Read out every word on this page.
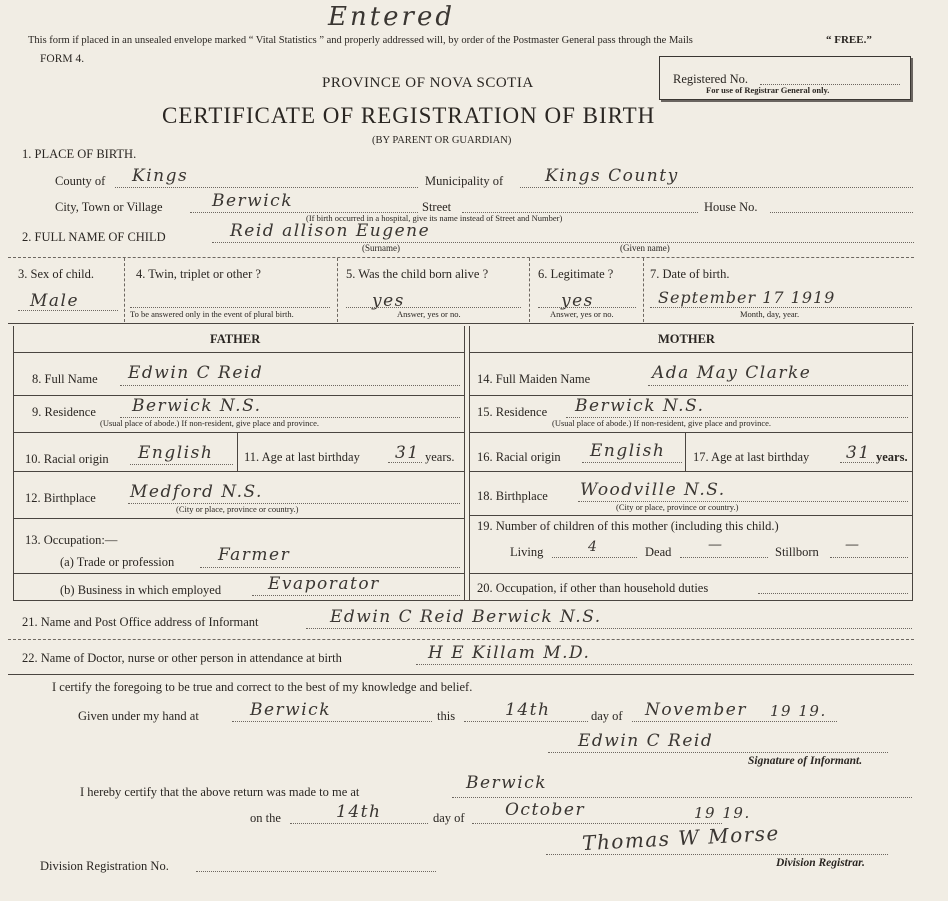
Entered
This form if placed in an unsealed envelope marked “ Vital Statistics ” and properly addressed will, by order of the Postmaster General pass through the Mails	“ FREE.”
FORM 4.
Registered No.
For use of Registrar General only.
PROVINCE OF NOVA SCOTIA
CERTIFICATE OF REGISTRATION OF BIRTH
(BY PARENT OR GUARDIAN)
1. PLACE OF BIRTH.
County of Kings	Municipality of Kings County
City, Town or Village	Berwick	Street	House No.
(If birth occurred in a hospital, give its name instead of Street and Number)
2. FULL NAME OF CHILD	Reid allison Eugene
(Surname)	(Given name)
3. Sex of child.
Male
4. Twin, triplet or other ?
To be answered only in the event of plural birth.
5. Was the child born alive ?
yes
Answer, yes or no.
6. Legitimate ?
yes
Answer, yes or no.
7. Date of birth.
September 17 1919
Month, day, year.
FATHER	MOTHER
8. Full Name Edwin C Reid
9. Residence Berwick N.S.
(Usual place of abode.) If non-resident, give place and province.
10. Racial origin English 11. Age at last birthday 31 years.
12. Birthplace Medford N.S.
(City or place, province or country.)
13. Occupation:—
(a) Trade or profession	Farmer
(b) Business in which employed	Evaporator
14. Full Maiden Name	Ada May Clarke
15. Residence Berwick N.S.
(Usual place of abode.) If non-resident, give place and province.
16. Racial origin English 17. Age at last birthday 31 years.
18. Birthplace Woodville N.S.
(City or place, province or country.)
19. Number of children of this mother (including this child.)
Living	4	Dead	—	Stillborn —
20. Occupation, if other than household duties
21. Name and Post Office address of Informant	Edwin C Reid Berwick N.S.
22. Name of Doctor, nurse or other person in attendance at birth	H E Killam M.D.
I certify the foregoing to be true and correct to the best of my knowledge and belief.
Given under my hand at	Berwick	this	14th	day of November 19 19.
Edwin C Reid
Signature of Informant.
I hereby certify that the above return was made to me at	Berwick
on the	14th	day of October	19 19.
Thomas W Morse
Division Registration No.	Division Registrar.
